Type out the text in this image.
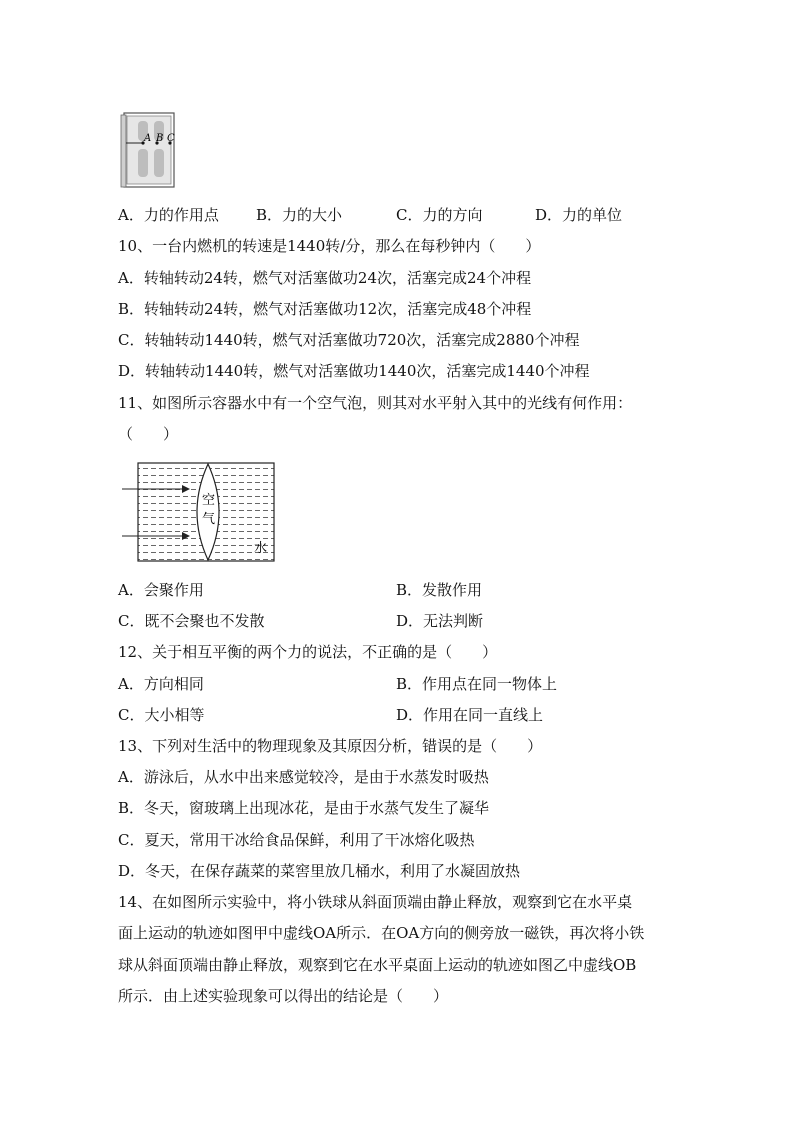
A B C
A．力的作用点 B．力的大小	C．力的方向	D．力的单位
10、一台内燃机的转速是1440转/分，那么在每秒钟内（　　）
A．转轴转动24转，燃气对活塞做功24次，活塞完成24个冲程
B．转轴转动24转，燃气对活塞做功12次，活塞完成48个冲程
C．转轴转动1440转，燃气对活塞做功720次，活塞完成2880个冲程
D．转轴转动1440转，燃气对活塞做功1440次，活塞完成1440个冲程
11、如图所示容器水中有一个空气泡，则其对水平射入其中的光线有何作用：
（　　）
空
气
水
A．会聚作用	B．发散作用
C．既不会聚也不发散	D．无法判断
12、关于相互平衡的两个力的说法，不正确的是（　　）
A．方向相同	B．作用点在同一物体上
C．大小相等	D．作用在同一直线上
13、下列对生活中的物理现象及其原因分析，错误的是（　　）
A．游泳后，从水中出来感觉较冷，是由于水蒸发时吸热
B．冬天，窗玻璃上出现冰花，是由于水蒸气发生了凝华
C．夏天，常用干冰给食品保鲜，利用了干冰熔化吸热
D．冬天，在保存蔬菜的菜窖里放几桶水，利用了水凝固放热
14、在如图所示实验中，将小铁球从斜面顶端由静止释放，观察到它在水平桌
面上运动的轨迹如图甲中虚线OA所示．在OA方向的侧旁放一磁铁，再次将小铁
球从斜面顶端由静止释放，观察到它在水平桌面上运动的轨迹如图乙中虚线OB
所示．由上述实验现象可以得出的结论是（　　）
